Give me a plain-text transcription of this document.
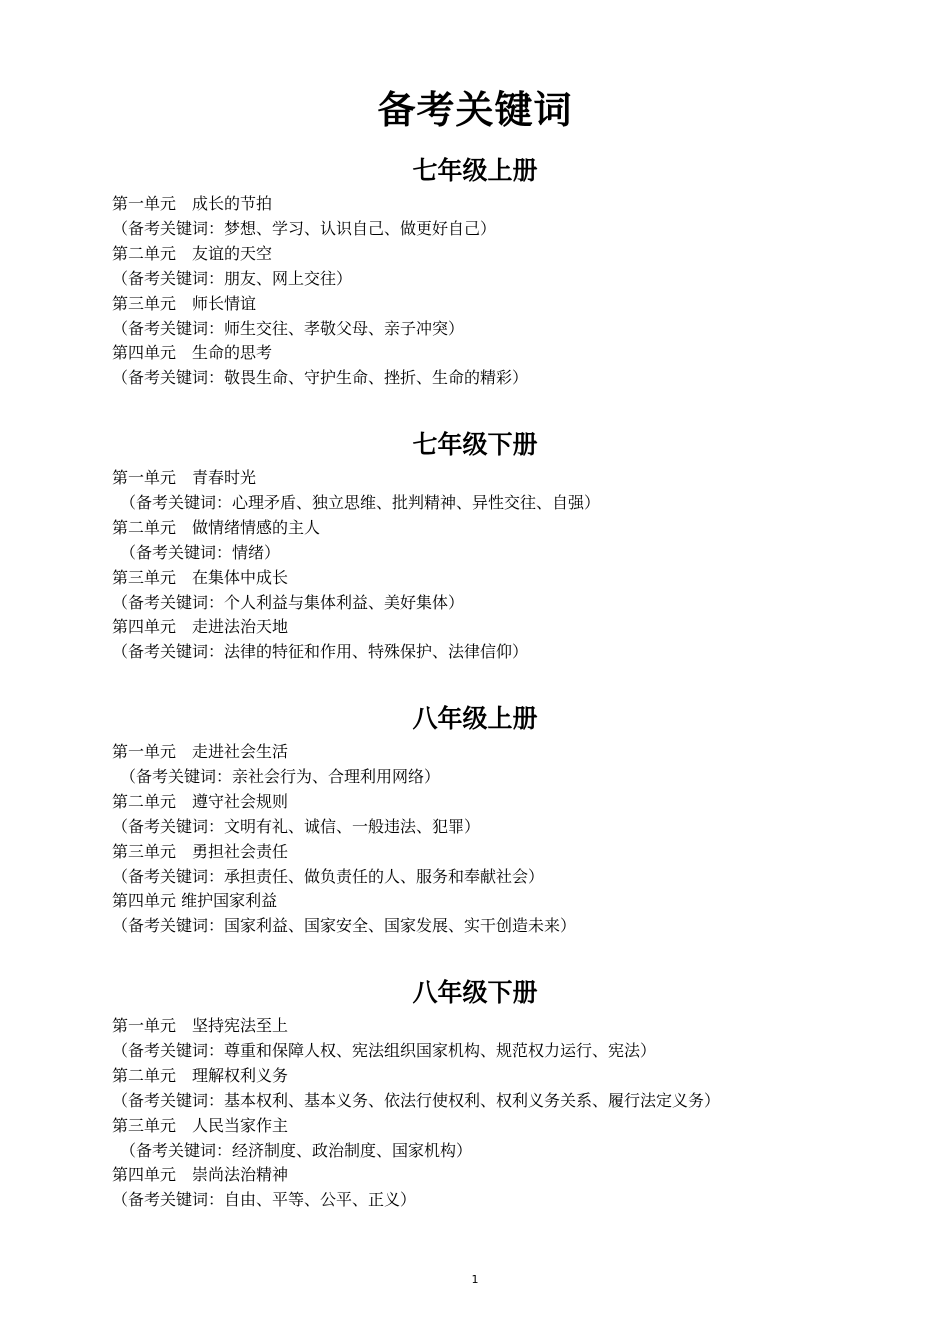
备考关键词
七年级上册
第一单元　成长的节拍
（备考关键词：梦想、学习、认识自己、做更好自己）
第二单元　友谊的天空
（备考关键词：朋友、网上交往）
第三单元　师长情谊
（备考关键词：师生交往、孝敬父母、亲子冲突）
第四单元　生命的思考
（备考关键词：敬畏生命、守护生命、挫折、生命的精彩）
七年级下册
第一单元　青春时光
（备考关键词：心理矛盾、独立思维、批判精神、异性交往、自强）
第二单元　做情绪情感的主人
（备考关键词：情绪）
第三单元　在集体中成长
（备考关键词：个人利益与集体利益、美好集体）
第四单元　走进法治天地
（备考关键词：法律的特征和作用、特殊保护、法律信仰）
八年级上册
第一单元　走进社会生活
（备考关键词：亲社会行为、合理利用网络）
第二单元　遵守社会规则
（备考关键词：文明有礼、诚信、一般违法、犯罪）
第三单元　勇担社会责任
（备考关键词：承担责任、做负责任的人、服务和奉献社会）
第四单元 维护国家利益
（备考关键词：国家利益、国家安全、国家发展、实干创造未来）
八年级下册
第一单元　坚持宪法至上
（备考关键词：尊重和保障人权、宪法组织国家机构、规范权力运行、宪法）
第二单元　理解权利义务
（备考关键词：基本权利、基本义务、依法行使权利、权利义务关系、履行法定义务）
第三单元　人民当家作主
（备考关键词：经济制度、政治制度、国家机构）
第四单元　崇尚法治精神
（备考关键词：自由、平等、公平、正义）
1
